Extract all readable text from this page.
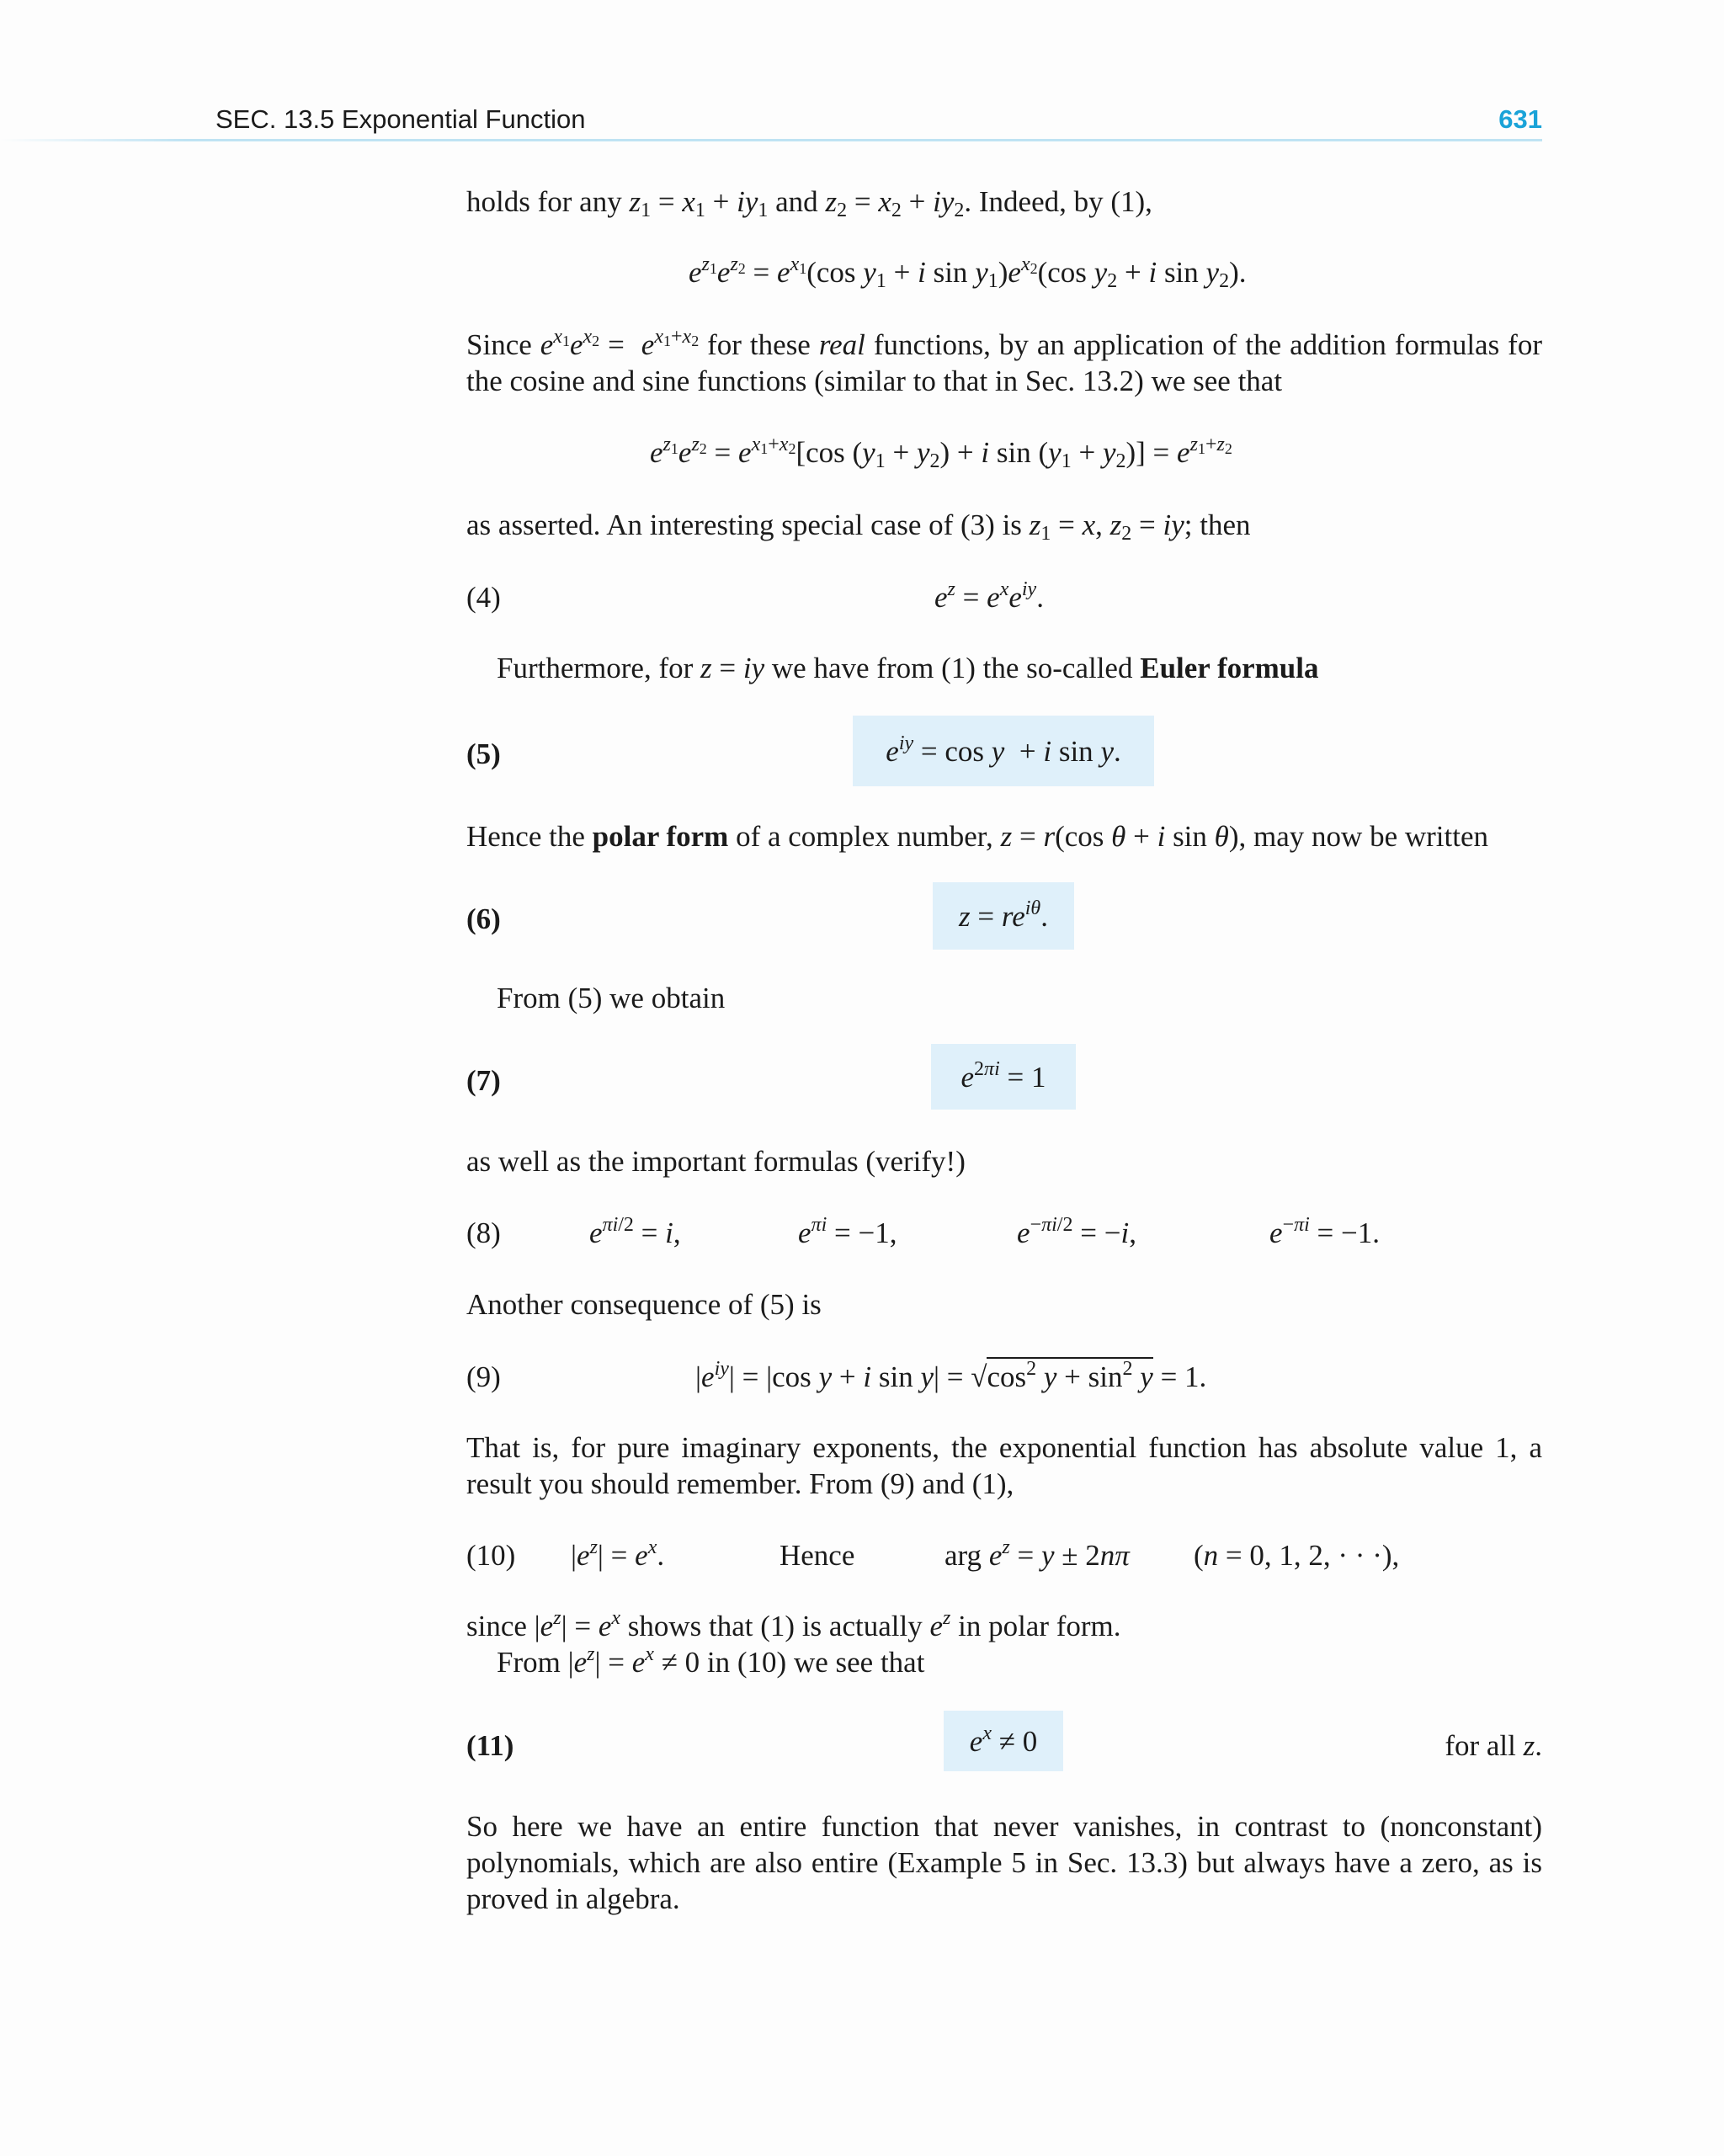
SEC. 13.5 Exponential Function	631
holds for any $z_1 = x_1 + iy_1$ and $z_2 = x_2 + iy_2$. Indeed, by (1),
$e^{z_1}e^{z_2} = e^{x_1}(\cos$ $y_1 + i$ $\sin y_1)e^{x_2}(\cos$ $y_2 + i$ $\sin y_2$).
Since $e^{x_1}e^{x_2} = e^{x_1+x_2}$ for these real functions, by an application of the addition formulas for the cosine and sine functions (similar to that in Sec. 13.2) we see that
$e^{z_1}e^{z_2} = e^{x_1+x_2}[\cos$ $(y_1 + y_2) + i$ $\sin (y_1 + y_2)] = e^{z_1+z_2}$
as asserted. An interesting special case of (3) is $z_1 = x$, $z_2$ = iy; then
(4)	$e^z = e^xe^{iy}$.
Furthermore, for z = iy we have from (1) the so-called Euler formula
(5)	$e^{iy} = \cos y + i$ sin y.
Hence the polar form of a complex number, z = r(cos θ + i sin θ), may now be written
(6)	$z = re^{i\theta}$.
From (5) we obtain
(7)	$e^{2\pi i} = 1$
as well as the important formulas (verify!)
(8)	$e^{\pi i/2} = i$,	$e^{\pi i} = -1$,	$e^{-\pi i/2} = -i$,	$e^{-\pi i} = -1$.
Another consequence of (5) is
(9)	$|e^{iy}| = |\cos$ y + i $\sin y| = √\cos^2$ $y + \sin^2 y = 1$.
That is, for pure imaginary exponents, the exponential function has absolute value 1, a result you should remember. From (9) and (1),
(10) $|e^z| = e^x$.	Hence	arg $e^z = y \pm 2n\pi$ (n = 0, 1, 2, · · ·),
since $|e^z| = e^x$ shows that (1) is actually $e^z$ in polar form.
From $|e^z| = e^x \ne 0$ in (10) we see that
(11)	$e^x \ne 0$	for all z.
So here we have an entire function that never vanishes, in contrast to (nonconstant) polynomials, which are also entire (Example 5 in Sec. 13.3) but always have a zero, as is proved in algebra.
